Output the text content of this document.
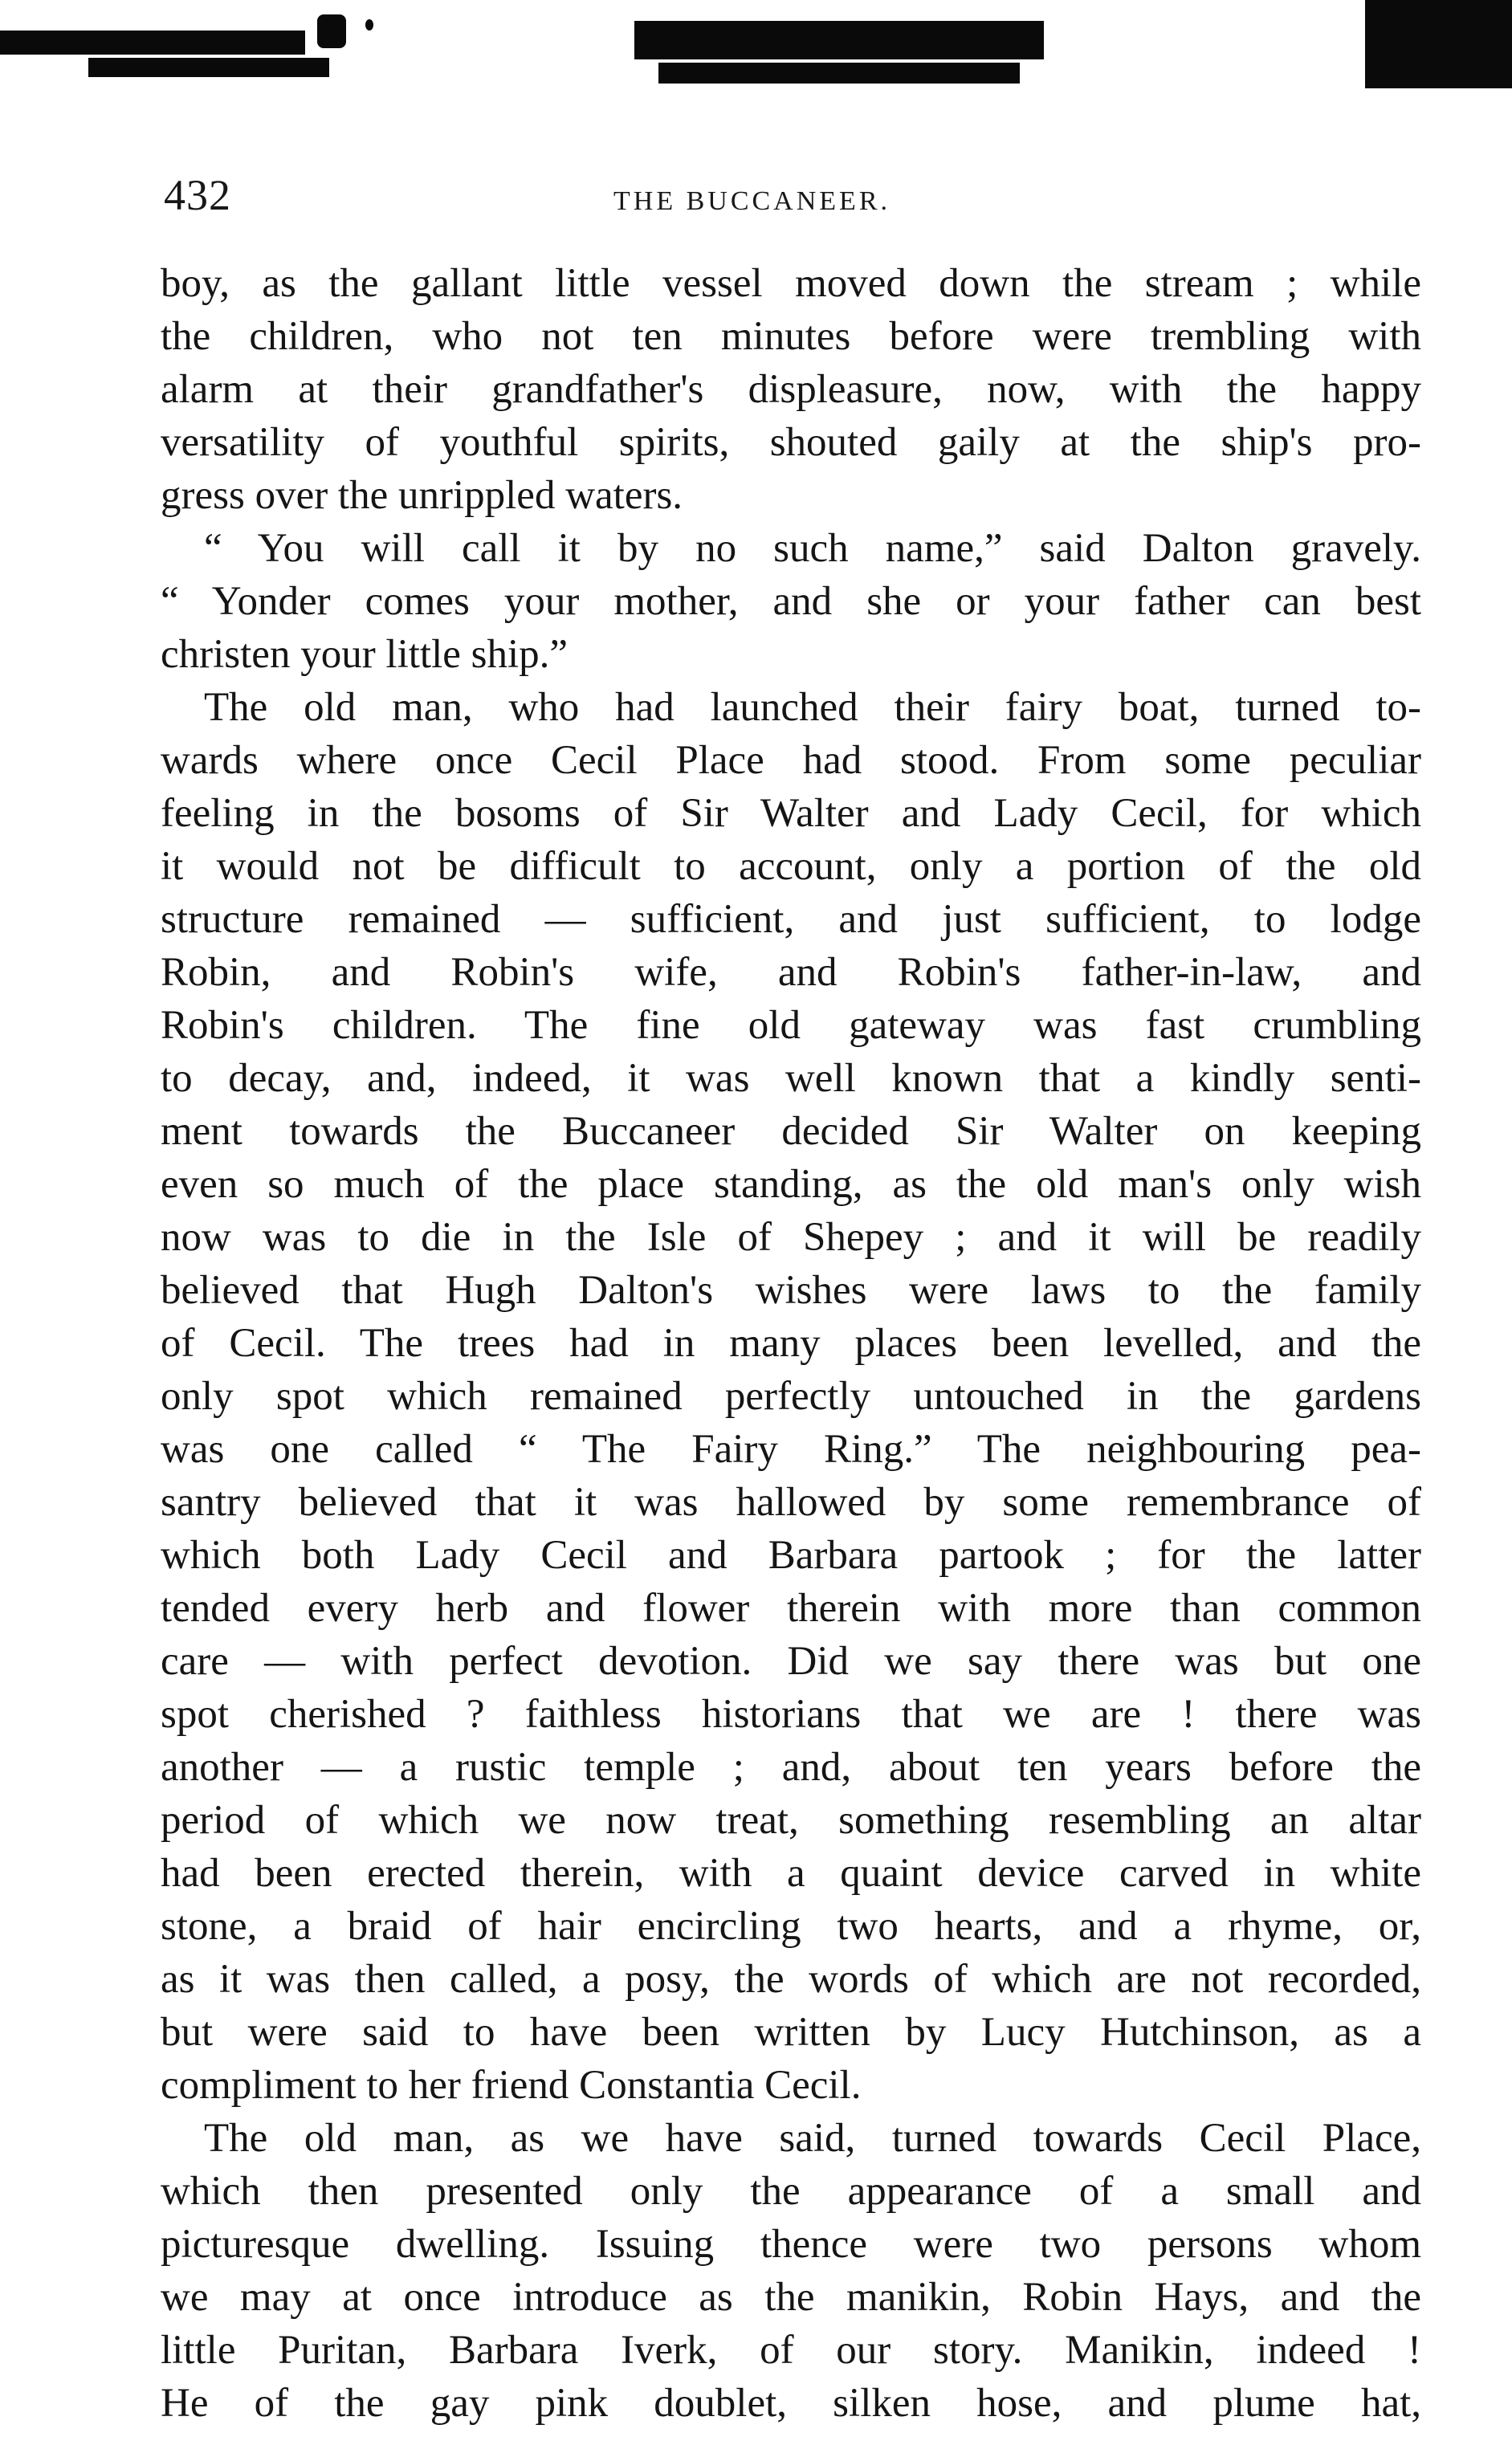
432	THE BUCCANEER.
boy, as the gallant little vessel moved down the stream ; while
the children, who not ten minutes before were trembling with
alarm at their grandfather's displeasure, now, with the happy
versatility of youthful spirits, shouted gaily at the ship's pro-
gress over the unrippled waters.
“ You will call it by no such name,” said Dalton gravely.
“ Yonder comes your mother, and she or your father can best
christen your little ship.”
The old man, who had launched their fairy boat, turned to-
wards where once Cecil Place had stood. From some peculiar
feeling in the bosoms of Sir Walter and Lady Cecil, for which
it would not be difficult to account, only a portion of the old
structure remained — sufficient, and just sufficient, to lodge
Robin, and Robin's wife, and Robin's father-in-law, and
Robin's children. The fine old gateway was fast crumbling
to decay, and, indeed, it was well known that a kindly senti-
ment towards the Buccaneer decided Sir Walter on keeping
even so much of the place standing, as the old man's only wish
now was to die in the Isle of Shepey ; and it will be readily
believed that Hugh Dalton's wishes were laws to the family
of Cecil. The trees had in many places been levelled, and the
only spot which remained perfectly untouched in the gardens
was one called “ The Fairy Ring.” The neighbouring pea-
santry believed that it was hallowed by some remembrance of
which both Lady Cecil and Barbara partook ; for the latter
tended every herb and flower therein with more than common
care — with perfect devotion. Did we say there was but one
spot cherished ? faithless historians that we are ! there was
another — a rustic temple ; and, about ten years before the
period of which we now treat, something resembling an altar
had been erected therein, with a quaint device carved in white
stone, a braid of hair encircling two hearts, and a rhyme, or,
as it was then called, a posy, the words of which are not recorded,
but were said to have been written by Lucy Hutchinson, as a
compliment to her friend Constantia Cecil.
The old man, as we have said, turned towards Cecil Place,
which then presented only the appearance of a small and
picturesque dwelling. Issuing thence were two persons whom
we may at once introduce as the manikin, Robin Hays, and the
little Puritan, Barbara Iverk, of our story. Manikin, indeed !
He of the gay pink doublet, silken hose, and plume hat,
